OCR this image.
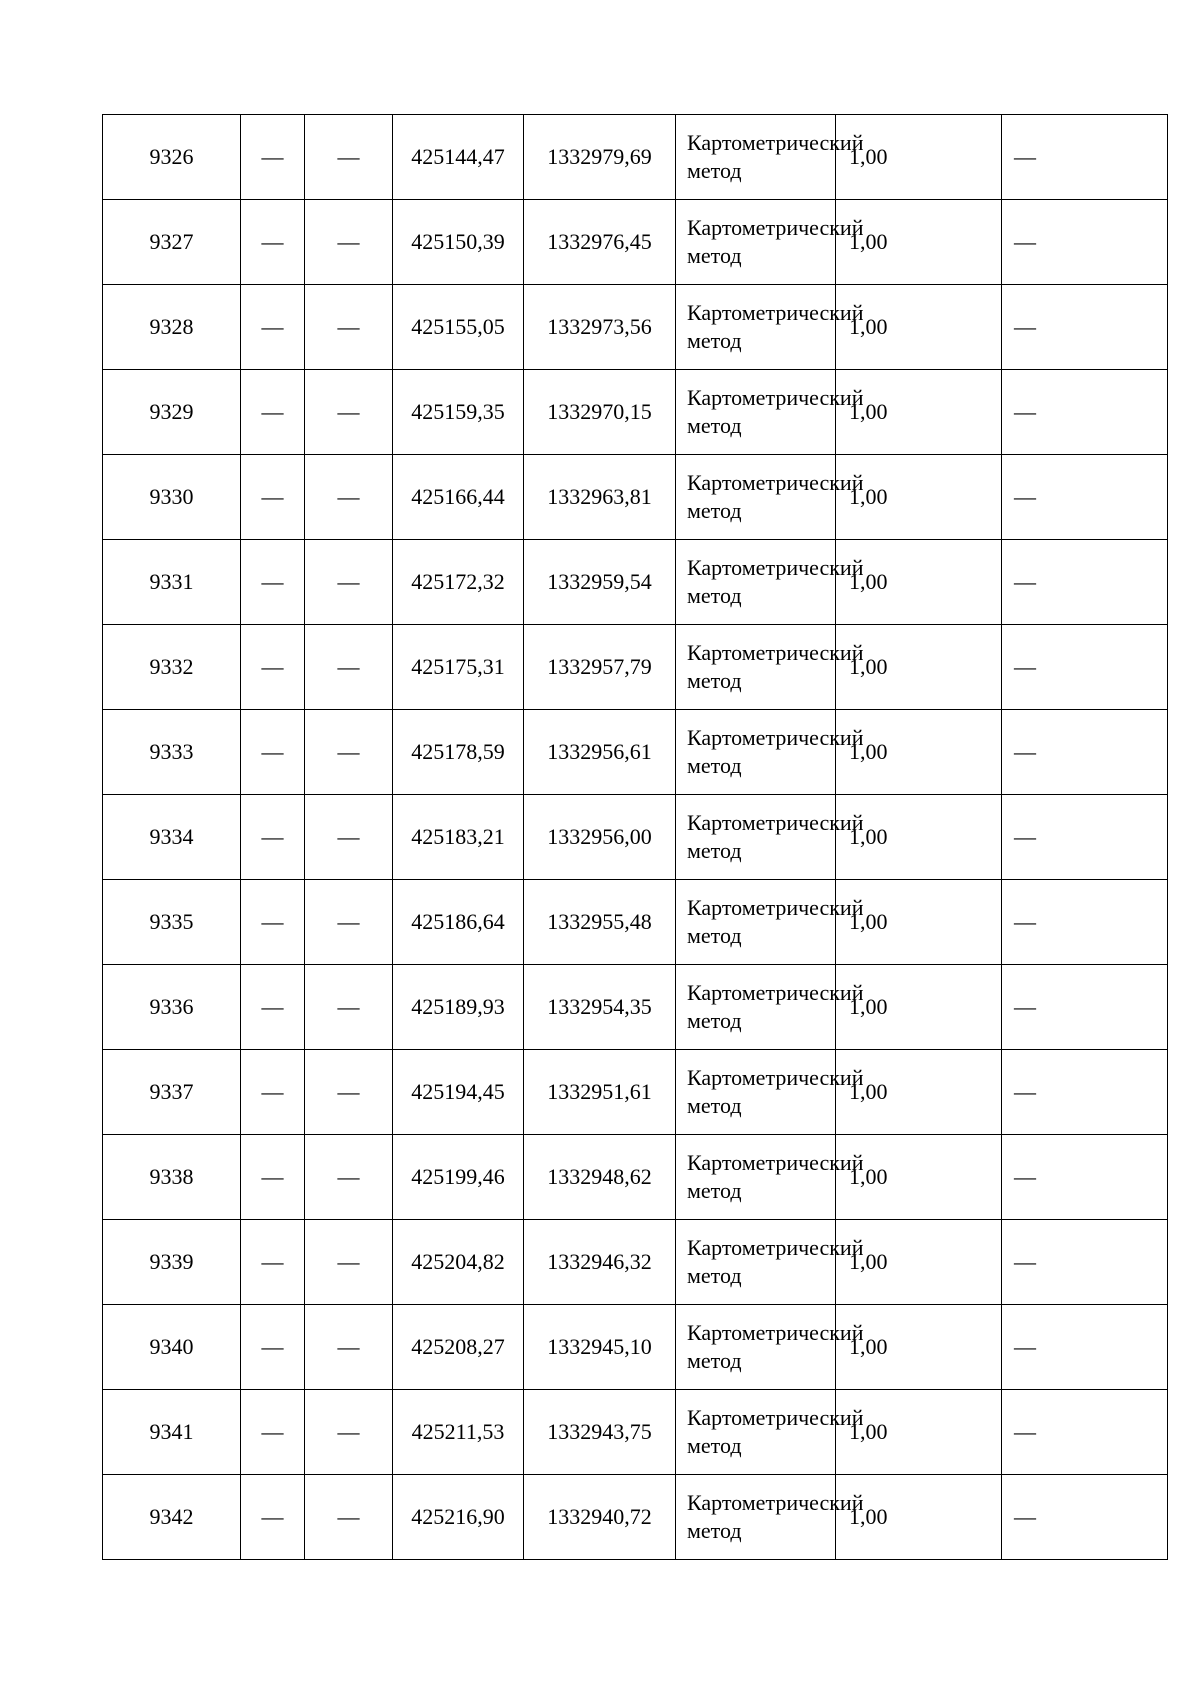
9326	—	—	425144,47	1332979,69	Картометрический метод	1,00	—
9327	—	—	425150,39	1332976,45	Картометрический метод	1,00	—
9328	—	—	425155,05	1332973,56	Картометрический метод	1,00	—
9329	—	—	425159,35	1332970,15	Картометрический метод	1,00	—
9330	—	—	425166,44	1332963,81	Картометрический метод	1,00	—
9331	—	—	425172,32	1332959,54	Картометрический метод	1,00	—
9332	—	—	425175,31	1332957,79	Картометрический метод	1,00	—
9333	—	—	425178,59	1332956,61	Картометрический метод	1,00	—
9334	—	—	425183,21	1332956,00	Картометрический метод	1,00	—
9335	—	—	425186,64	1332955,48	Картометрический метод	1,00	—
9336	—	—	425189,93	1332954,35	Картометрический метод	1,00	—
9337	—	—	425194,45	1332951,61	Картометрический метод	1,00	—
9338	—	—	425199,46	1332948,62	Картометрический метод	1,00	—
9339	—	—	425204,82	1332946,32	Картометрический метод	1,00	—
9340	—	—	425208,27	1332945,10	Картометрический метод	1,00	—
9341	—	—	425211,53	1332943,75	Картометрический метод	1,00	—
9342	—	—	425216,90	1332940,72	Картометрический метод	1,00	—
